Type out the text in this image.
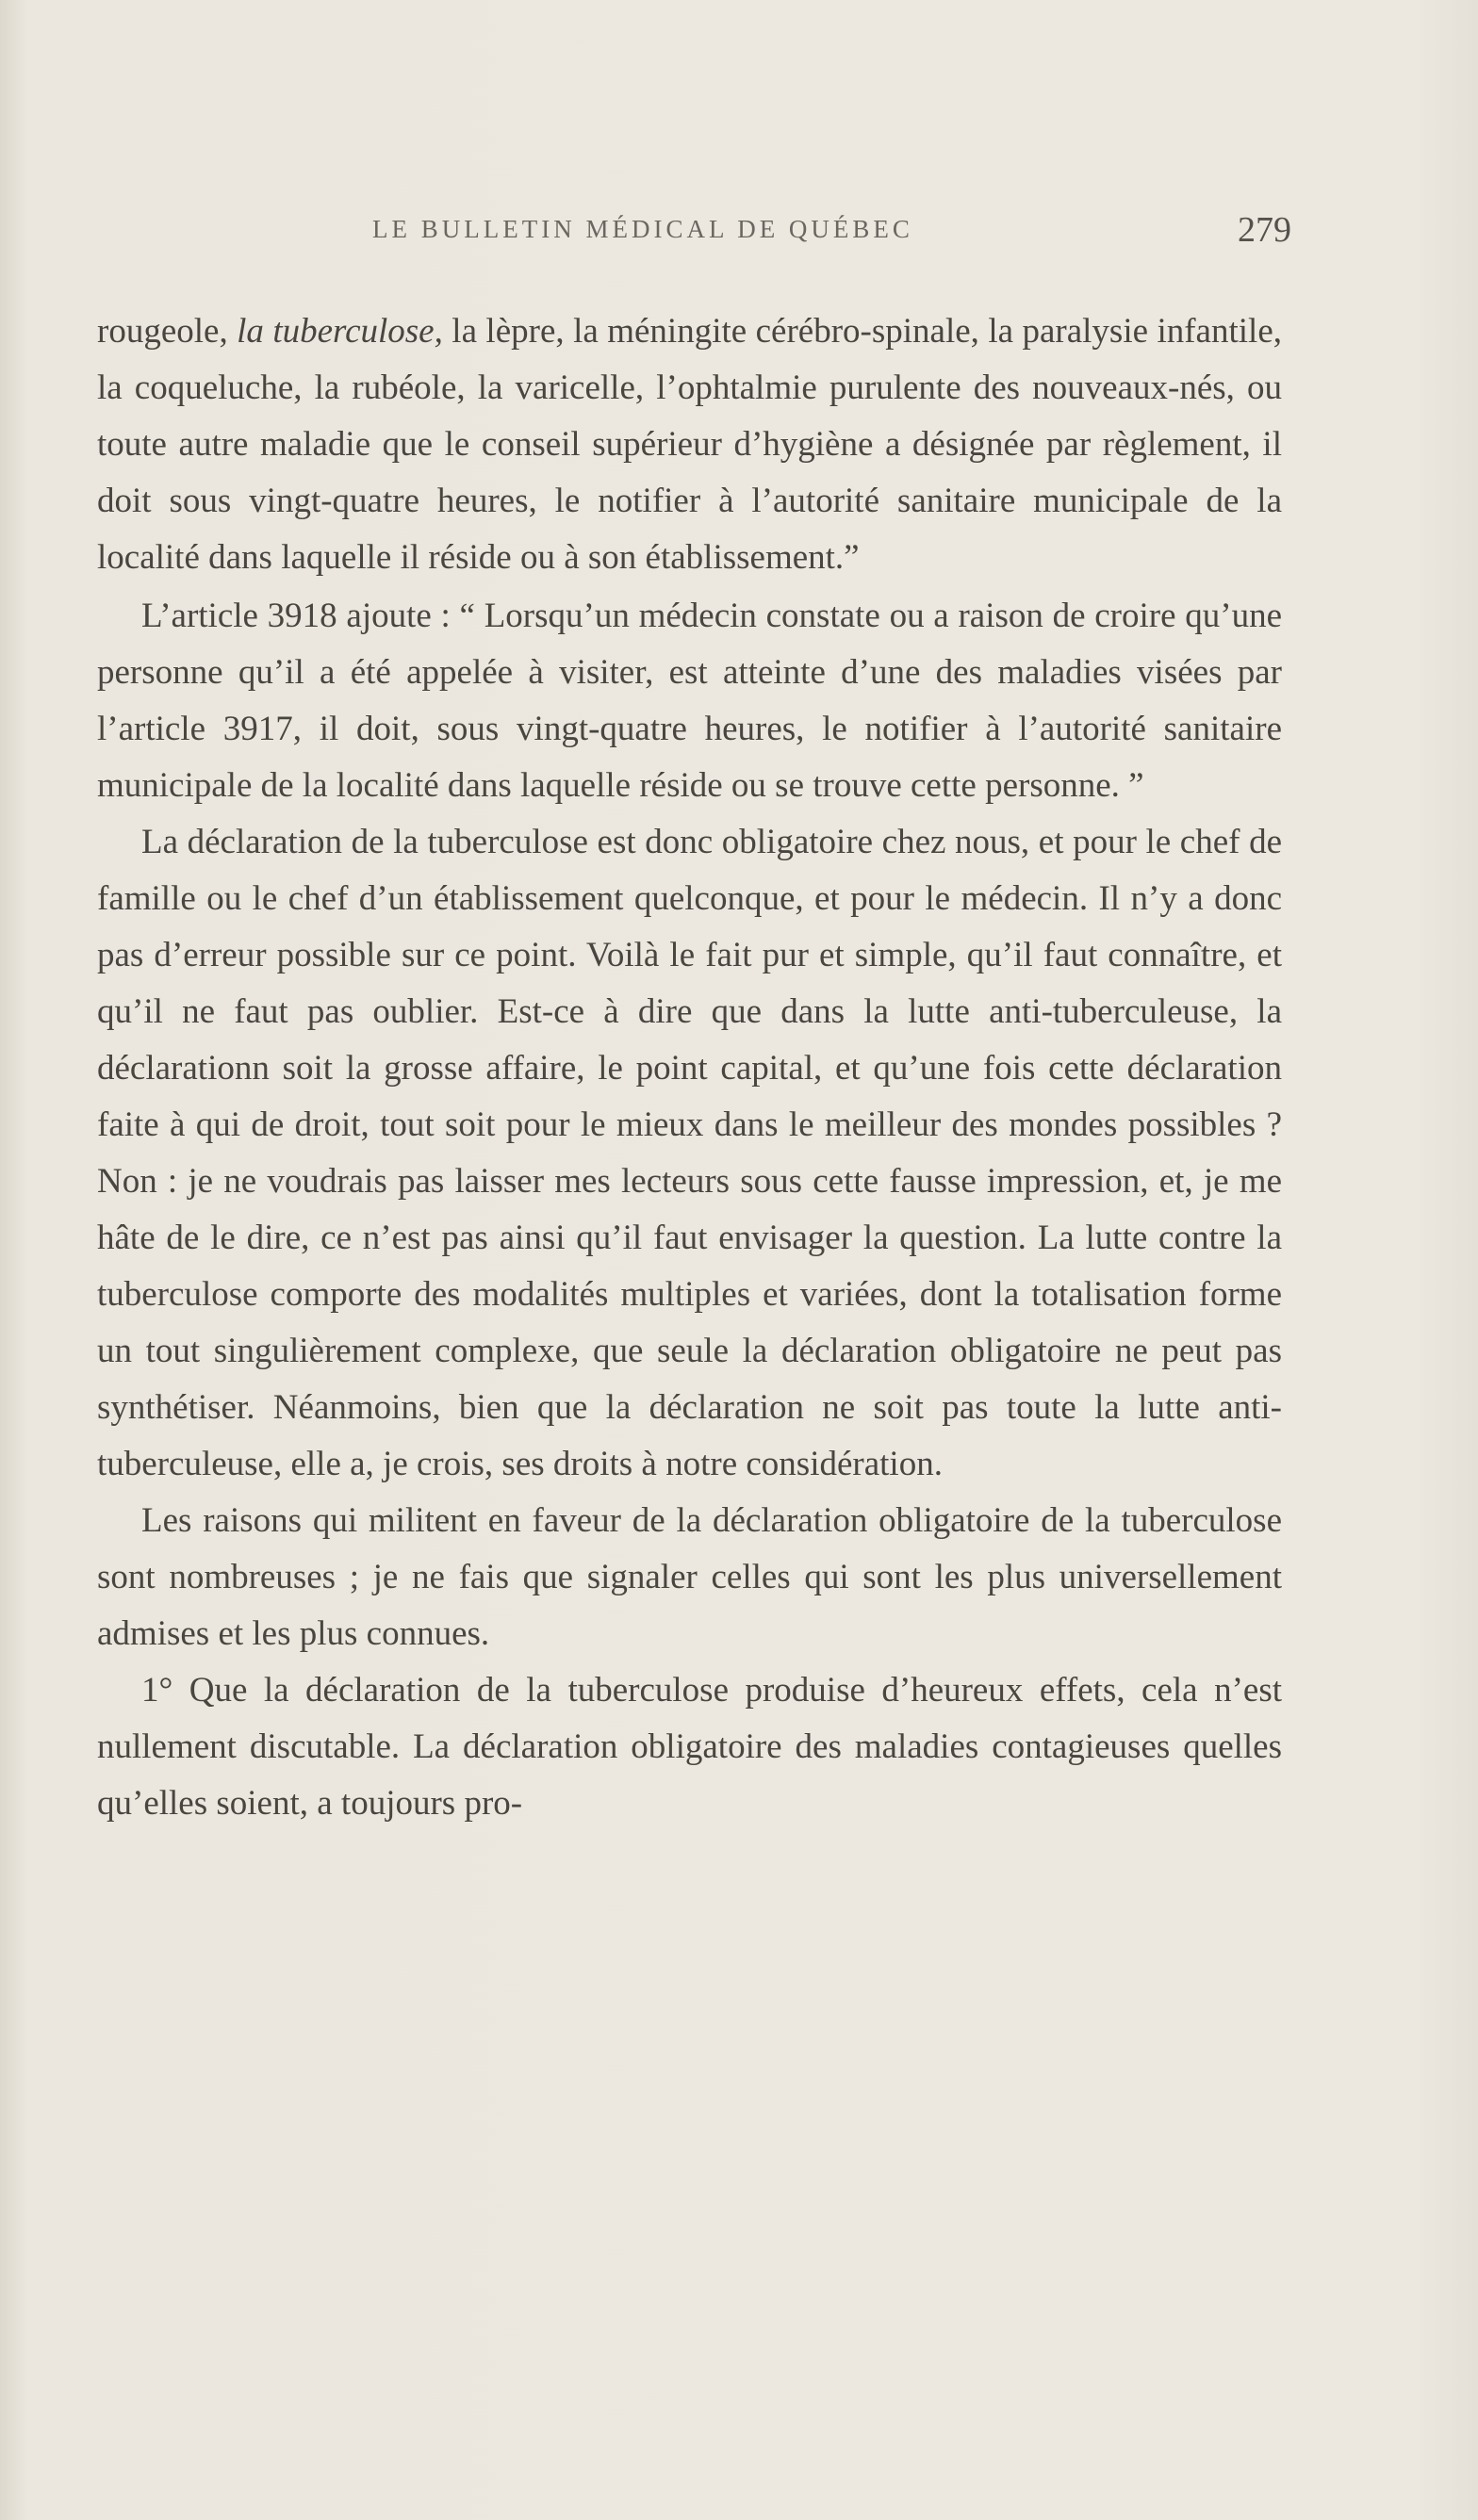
LE BULLETIN MÉDICAL DE QUÉBEC	279

rougeole, la tuberculose, la lèpre, la méningite cérébro-spinale, la paralysie infantile, la coqueluche, la rubéole, la varicelle, l’ophtalmie purulente des nouveaux-nés, ou toute autre maladie que le conseil supérieur d’hygiène a désignée par règlement, il doit sous vingt-quatre heures, le notifier à l’autorité sanitaire municipale de la localité dans laquelle il réside ou à son établissement.”

L’article 3918 ajoute : “ Lorsqu’un médecin constate ou a raison de croire qu’une personne qu’il a été appelée à visiter, est atteinte d’une des maladies visées par l’article 3917, il doit, sous vingt-quatre heures, le notifier à l’autorité sanitaire municipale de la localité dans laquelle réside ou se trouve cette personne. ”

La déclaration de la tuberculose est donc obligatoire chez nous, et pour le chef de famille ou le chef d’un établissement quelconque, et pour le médecin. Il n’y a donc pas d’erreur possible sur ce point. Voilà le fait pur et simple, qu’il faut connaître, et qu’il ne faut pas oublier. Est-ce à dire que dans la lutte anti-tuberculeuse, la déclarationn soit la grosse affaire, le point capital, et qu’une fois cette déclaration faite à qui de droit, tout soit pour le mieux dans le meilleur des mondes possibles ? Non : je ne voudrais pas laisser mes lecteurs sous cette fausse impression, et, je me hâte de le dire, ce n’est pas ainsi qu’il faut envisager la question. La lutte contre la tuberculose comporte des modalités multiples et variées, dont la totalisation forme un tout singulièrement complexe, que seule la déclaration obligatoire ne peut pas synthétiser. Néanmoins, bien que la déclaration ne soit pas toute la lutte anti-tuberculeuse, elle a, je crois, ses droits à notre considération.

Les raisons qui militent en faveur de la déclaration obligatoire de la tuberculose sont nombreuses ; je ne fais que signaler celles qui sont les plus universellement admises et les plus connues.

1° Que la déclaration de la tuberculose produise d’heureux effets, cela n’est nullement discutable. La déclaration obligatoire des maladies contagieuses quelles qu’elles soient, a toujours pro-
